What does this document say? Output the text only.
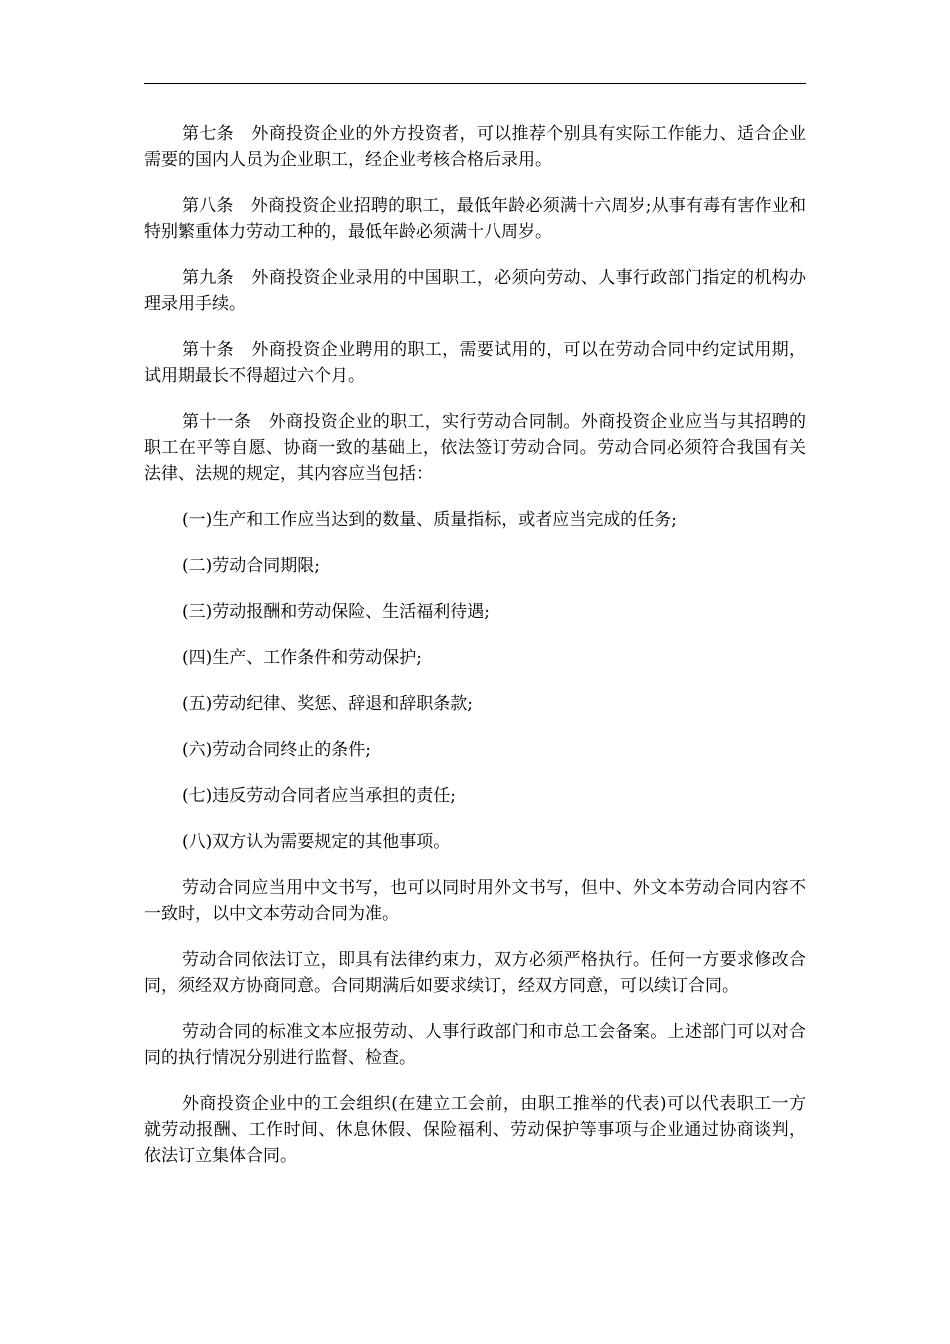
第七条　外商投资企业的外方投资者，可以推荐个别具有实际工作能力、适合企业需要的国内人员为企业职工，经企业考核合格后录用。

第八条　外商投资企业招聘的职工，最低年龄必须满十六周岁;从事有毒有害作业和特别繁重体力劳动工种的，最低年龄必须满十八周岁。

第九条　外商投资企业录用的中国职工，必须向劳动、人事行政部门指定的机构办理录用手续。

第十条　外商投资企业聘用的职工，需要试用的，可以在劳动合同中约定试用期，试用期最长不得超过六个月。

第十一条　外商投资企业的职工，实行劳动合同制。外商投资企业应当与其招聘的职工在平等自愿、协商一致的基础上，依法签订劳动合同。劳动合同必须符合我国有关法律、法规的规定，其内容应当包括：

(一)生产和工作应当达到的数量、质量指标，或者应当完成的任务;

(二)劳动合同期限;

(三)劳动报酬和劳动保险、生活福利待遇;

(四)生产、工作条件和劳动保护;

(五)劳动纪律、奖惩、辞退和辞职条款;

(六)劳动合同终止的条件;

(七)违反劳动合同者应当承担的责任;

(八)双方认为需要规定的其他事项。

劳动合同应当用中文书写，也可以同时用外文书写，但中、外文本劳动合同内容不一致时，以中文本劳动合同为准。

劳动合同依法订立，即具有法律约束力，双方必须严格执行。任何一方要求修改合同，须经双方协商同意。合同期满后如要求续订，经双方同意，可以续订合同。

劳动合同的标准文本应报劳动、人事行政部门和市总工会备案。上述部门可以对合同的执行情况分别进行监督、检查。

外商投资企业中的工会组织(在建立工会前，由职工推举的代表)可以代表职工一方就劳动报酬、工作时间、休息休假、保险福利、劳动保护等事项与企业通过协商谈判，依法订立集体合同。
